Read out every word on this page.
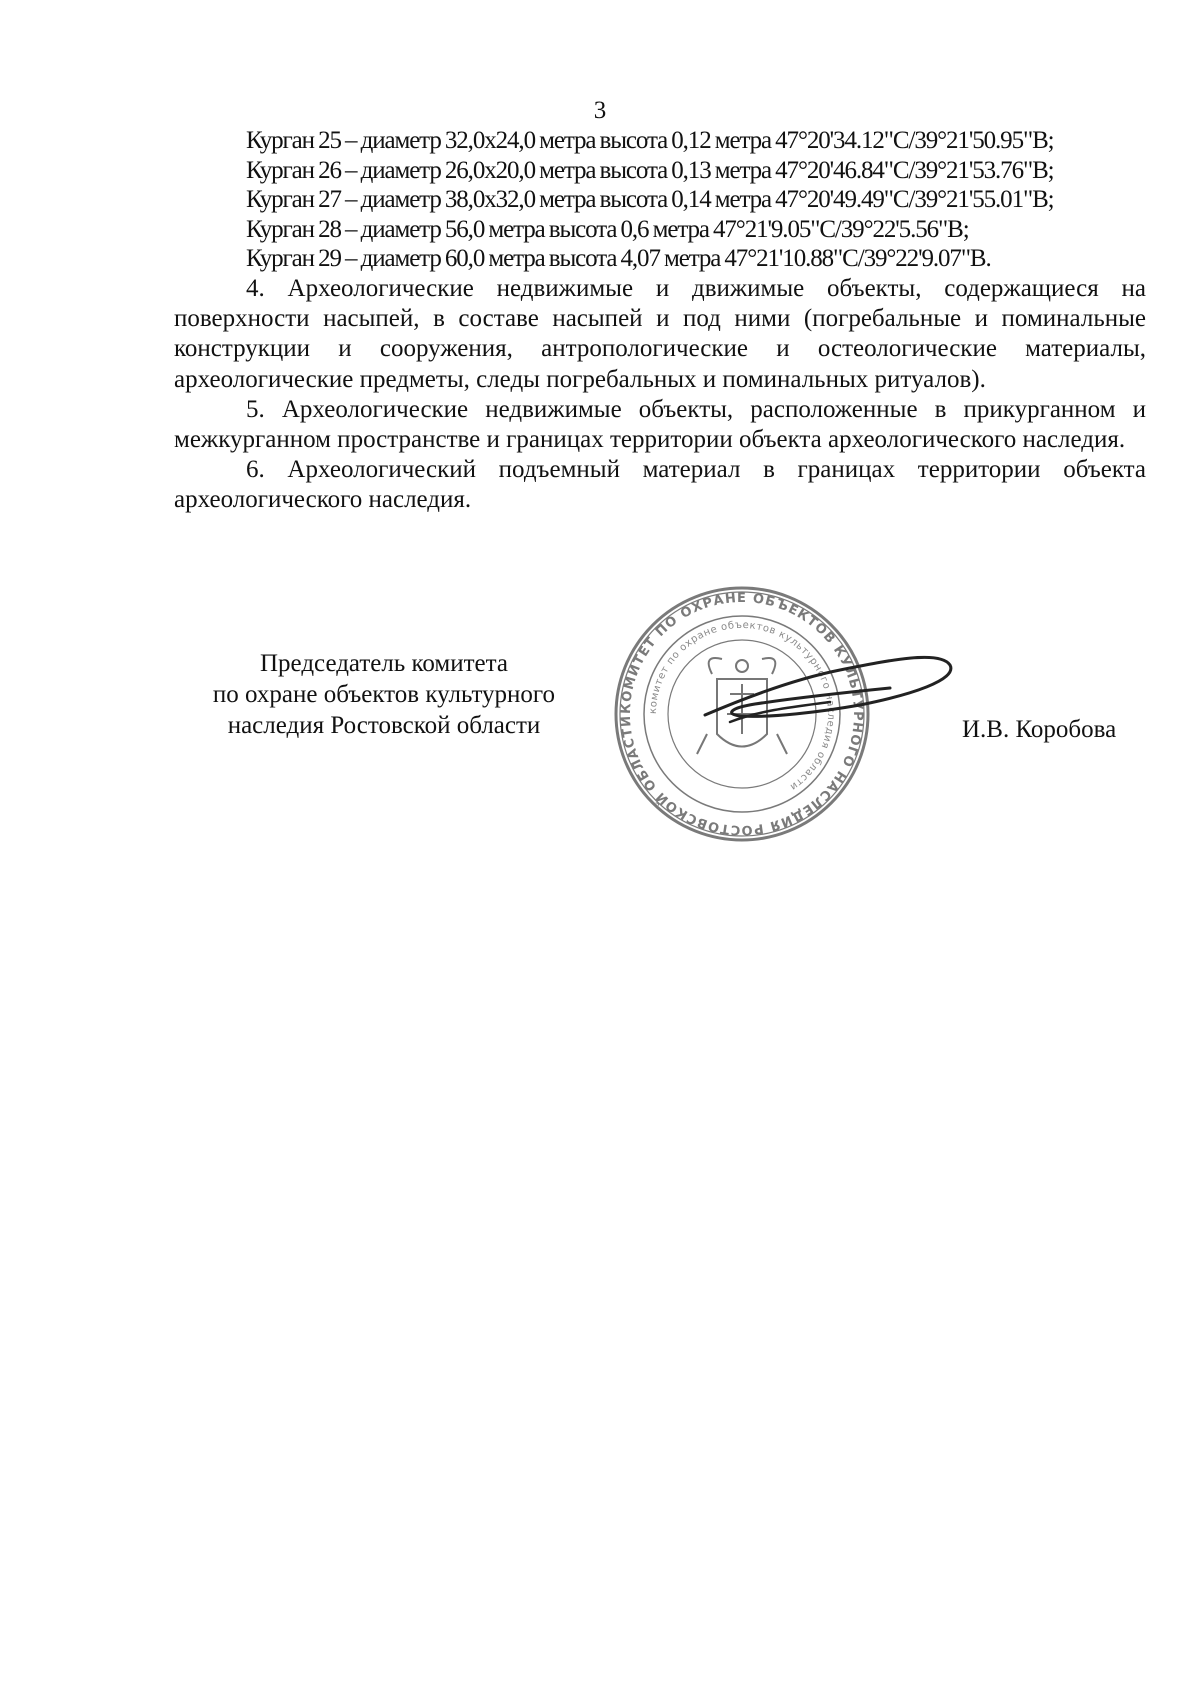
3
Курган 25 – диаметр 32,0х24,0 метра высота 0,12 метра 47°20'34.12"С/39°21'50.95"В;
Курган 26 – диаметр 26,0х20,0 метра высота 0,13 метра 47°20'46.84"С/39°21'53.76"В;
Курган 27 – диаметр 38,0х32,0 метра высота 0,14 метра 47°20'49.49"С/39°21'55.01"В;
Курган 28 – диаметр 56,0 метра высота 0,6 метра 47°21'9.05"С/39°22'5.56"В;
Курган 29 – диаметр 60,0 метра высота 4,07 метра 47°21'10.88"С/39°22'9.07"В.

4. Археологические недвижимые и движимые объекты, содержащиеся на поверхности насыпей, в составе насыпей и под ними (погребальные и поминальные конструкции и сооружения, антропологические и остеологические материалы, археологические предметы, следы погребальных и поминальных ритуалов).

5. Археологические недвижимые объекты, расположенные в прикурганном и межкурганном пространстве и границах территории объекта археологического наследия.

6. Археологический подъемный материал в границах территории объекта археологического наследия.

КОМИТЕТ ПО ОХРАНЕ ОБЪЕКТОВ КУЛЬТУРНОГО НАСЛЕДИЯ РОСТОВСКОЙ ОБЛАСТИ
комитет по охране объектов культурного наследия области
Председатель комитета
по охране объектов культурного
наследия Ростовской области	И.В. Коробова
